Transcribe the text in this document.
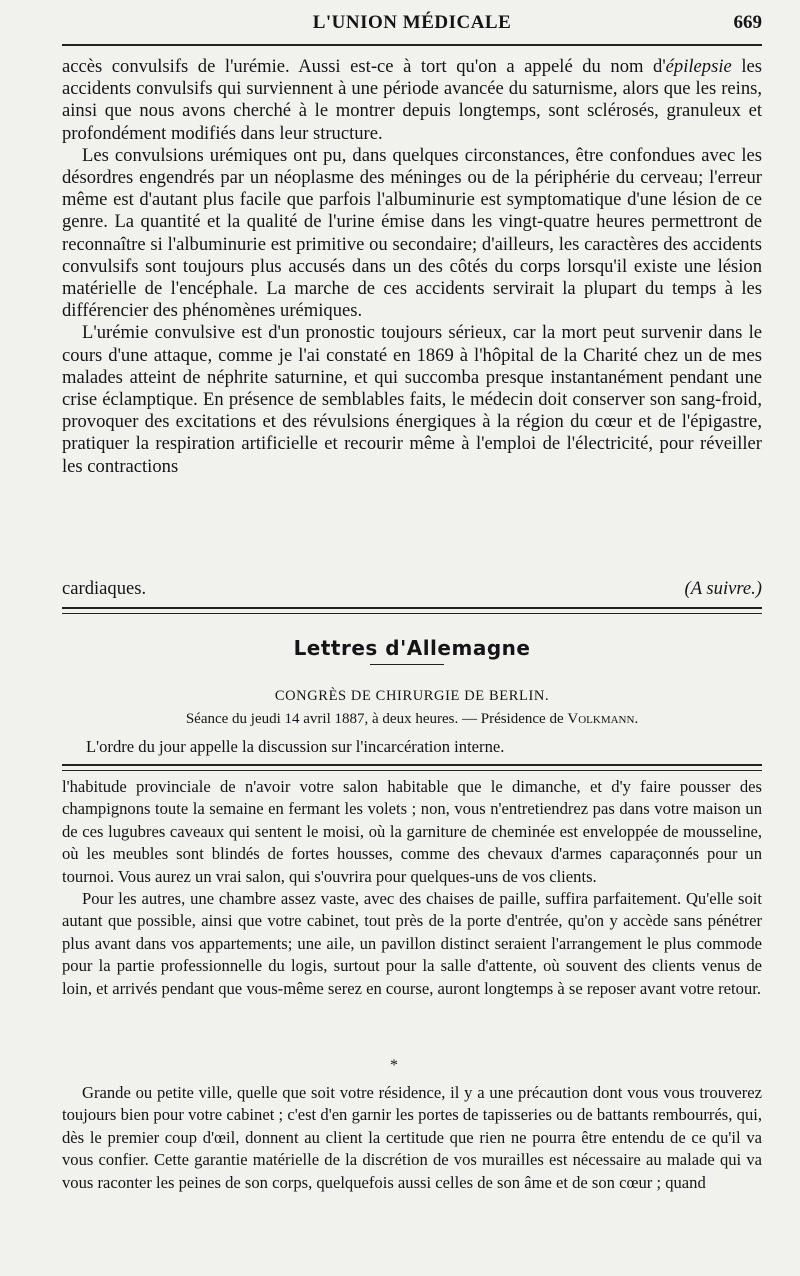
L'UNION MÉDICALE	669

accès convulsifs de l'urémie. Aussi est-ce à tort qu'on a appelé du nom d'épilepsie les accidents convulsifs qui surviennent à une période avancée du saturnisme, alors que les reins, ainsi que nous avons cherché à le montrer depuis longtemps, sont sclérosés, granuleux et profondément modifiés dans leur structure.

Les convulsions urémiques ont pu, dans quelques circonstances, être confondues avec les désordres engendrés par un néoplasme des méninges ou de la périphérie du cerveau; l'erreur même est d'autant plus facile que parfois l'albuminurie est symptomatique d'une lésion de ce genre. La quantité et la qualité de l'urine émise dans les vingt-quatre heures permettront de reconnaître si l'albuminurie est primitive ou secondaire; d'ailleurs, les caractères des accidents convulsifs sont toujours plus accusés dans un des côtés du corps lorsqu'il existe une lésion matérielle de l'encéphale. La marche de ces accidents servirait la plupart du temps à les différencier des phénomènes urémiques.

L'urémie convulsive est d'un pronostic toujours sérieux, car la mort peut survenir dans le cours d'une attaque, comme je l'ai constaté en 1869 à l'hôpital de la Charité chez un de mes malades atteint de néphrite saturnine, et qui succomba presque instantanément pendant une crise éclamptique. En présence de semblables faits, le médecin doit conserver son sang-froid, provoquer des excitations et des révulsions énergiques à la région du cœur et de l'épigastre, pratiquer la respiration artificielle et recourir même à l'emploi de l'électricité, pour réveiller les contractions

cardiaques.	(A suivre.)
Lettres d'Allemagne
CONGRÈS DE CHIRURGIE DE BERLIN.
Séance du jeudi 14 avril 1887, à deux heures. — Présidence de Volkmann.
L'ordre du jour appelle la discussion sur l'incarcération interne.

l'habitude provinciale de n'avoir votre salon habitable que le dimanche, et d'y faire pousser des champignons toute la semaine en fermant les volets ; non, vous n'entretiendrez pas dans votre maison un de ces lugubres caveaux qui sentent le moisi, où la garniture de cheminée est enveloppée de mousseline, où les meubles sont blindés de fortes housses, comme des chevaux d'armes caparaçonnés pour un tournoi. Vous aurez un vrai salon, qui s'ouvrira pour quelques-uns de vos clients.

Pour les autres, une chambre assez vaste, avec des chaises de paille, suffira parfaitement. Qu'elle soit autant que possible, ainsi que votre cabinet, tout près de la porte d'entrée, qu'on y accède sans pénétrer plus avant dans vos appartements; une aile, un pavillon distinct seraient l'arrangement le plus commode pour la partie professionnelle du logis, surtout pour la salle d'attente, où souvent des clients venus de loin, et arrivés pendant que vous-même serez en course, auront longtemps à se reposer avant votre retour.

*

Grande ou petite ville, quelle que soit votre résidence, il y a une précaution dont vous vous trouverez toujours bien pour votre cabinet ; c'est d'en garnir les portes de tapisseries ou de battants rembourrés, qui, dès le premier coup d'œil, donnent au client la certitude que rien ne pourra être entendu de ce qu'il va vous confier. Cette garantie matérielle de la discrétion de vos murailles est nécessaire au malade qui va vous raconter les peines de son corps, quelquefois aussi celles de son âme et de son cœur ; quand
